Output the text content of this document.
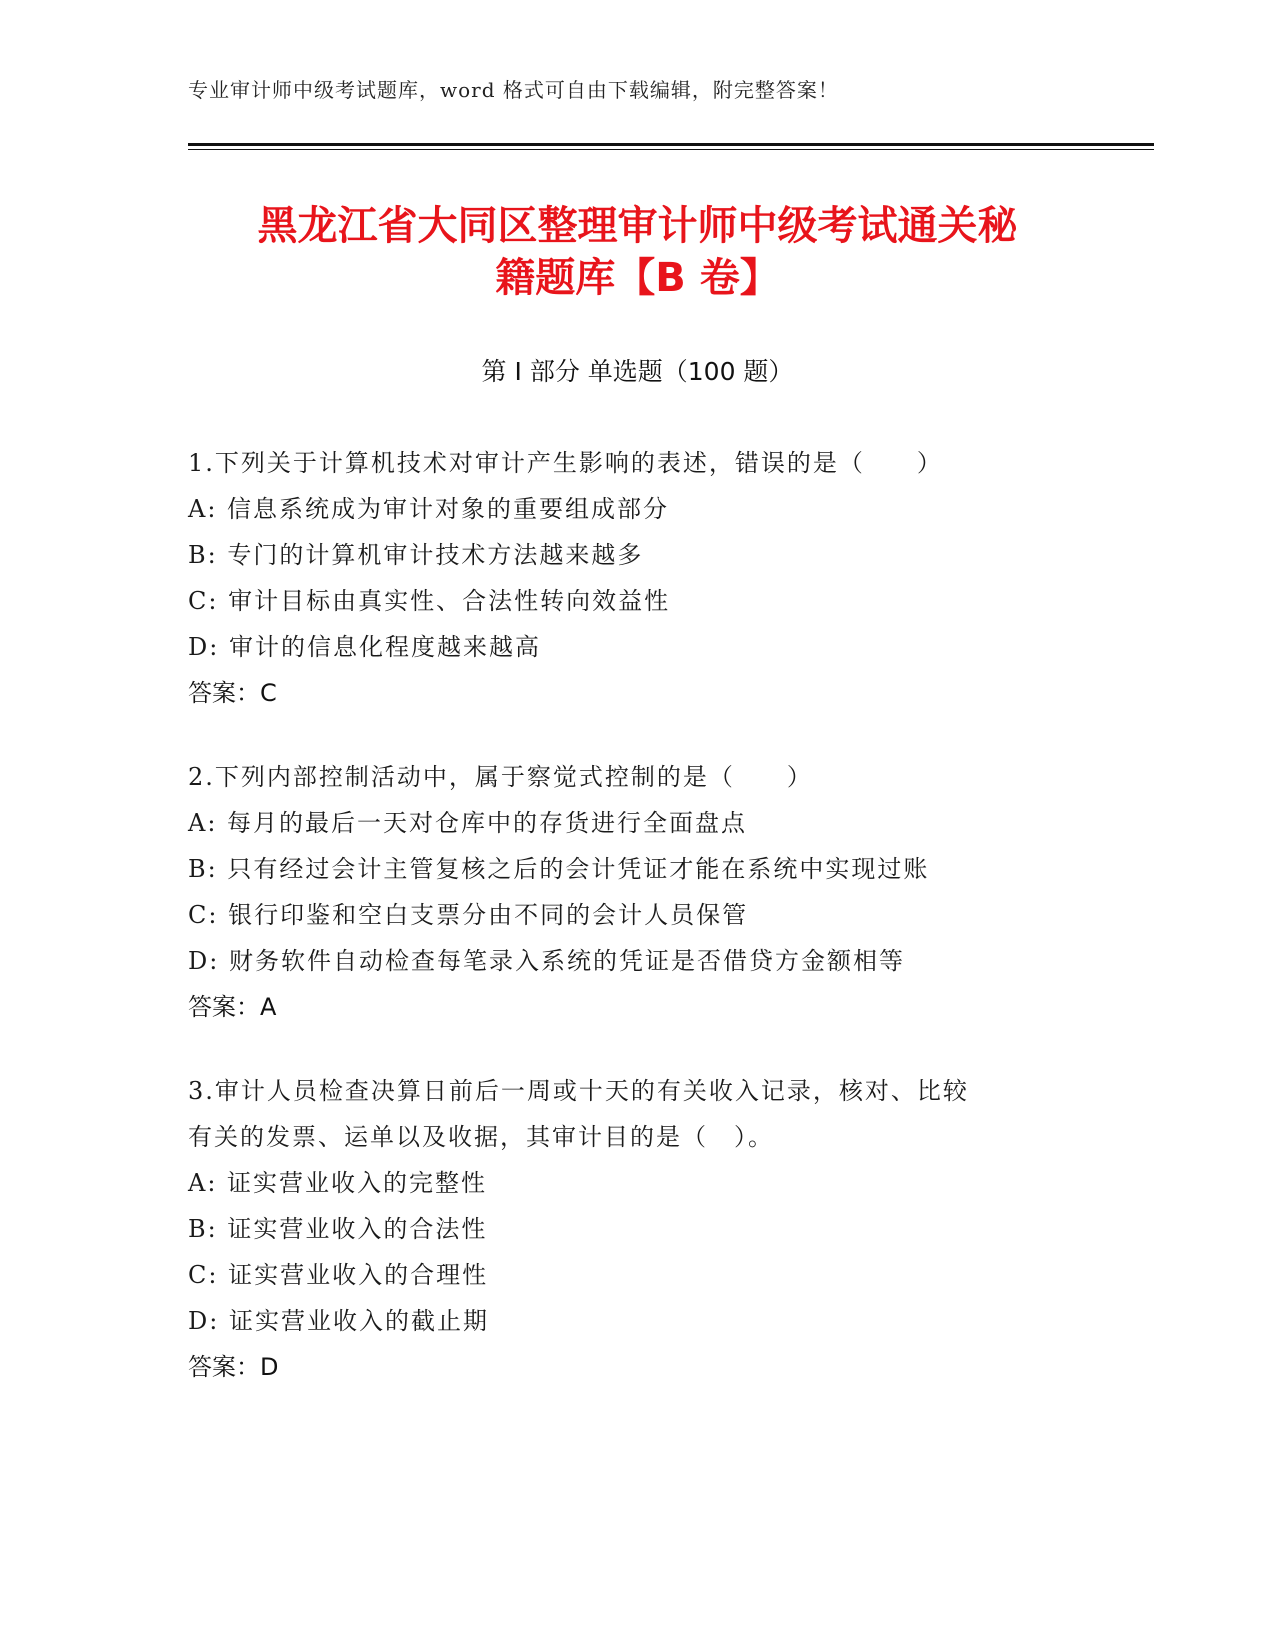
专业审计师中级考试题库，word 格式可自由下载编辑，附完整答案！
黑龙江省大同区整理审计师中级考试通关秘
籍题库【B 卷】
第 I 部分 单选题（100 题）
1.下列关于计算机技术对审计产生影响的表述，错误的是（　　）
A: 信息系统成为审计对象的重要组成部分
B: 专门的计算机审计技术方法越来越多
C: 审计目标由真实性、合法性转向效益性
D: 审计的信息化程度越来越高
答案：C
2.下列内部控制活动中，属于察觉式控制的是（　　）
A: 每月的最后一天对仓库中的存货进行全面盘点
B: 只有经过会计主管复核之后的会计凭证才能在系统中实现过账
C: 银行印鉴和空白支票分由不同的会计人员保管
D: 财务软件自动检查每笔录入系统的凭证是否借贷方金额相等
答案：A
3.审计人员检查决算日前后一周或十天的有关收入记录，核对、比较
有关的发票、运单以及收据，其审计目的是（　）。
A: 证实营业收入的完整性
B: 证实营业收入的合法性
C: 证实营业收入的合理性
D: 证实营业收入的截止期
答案：D
